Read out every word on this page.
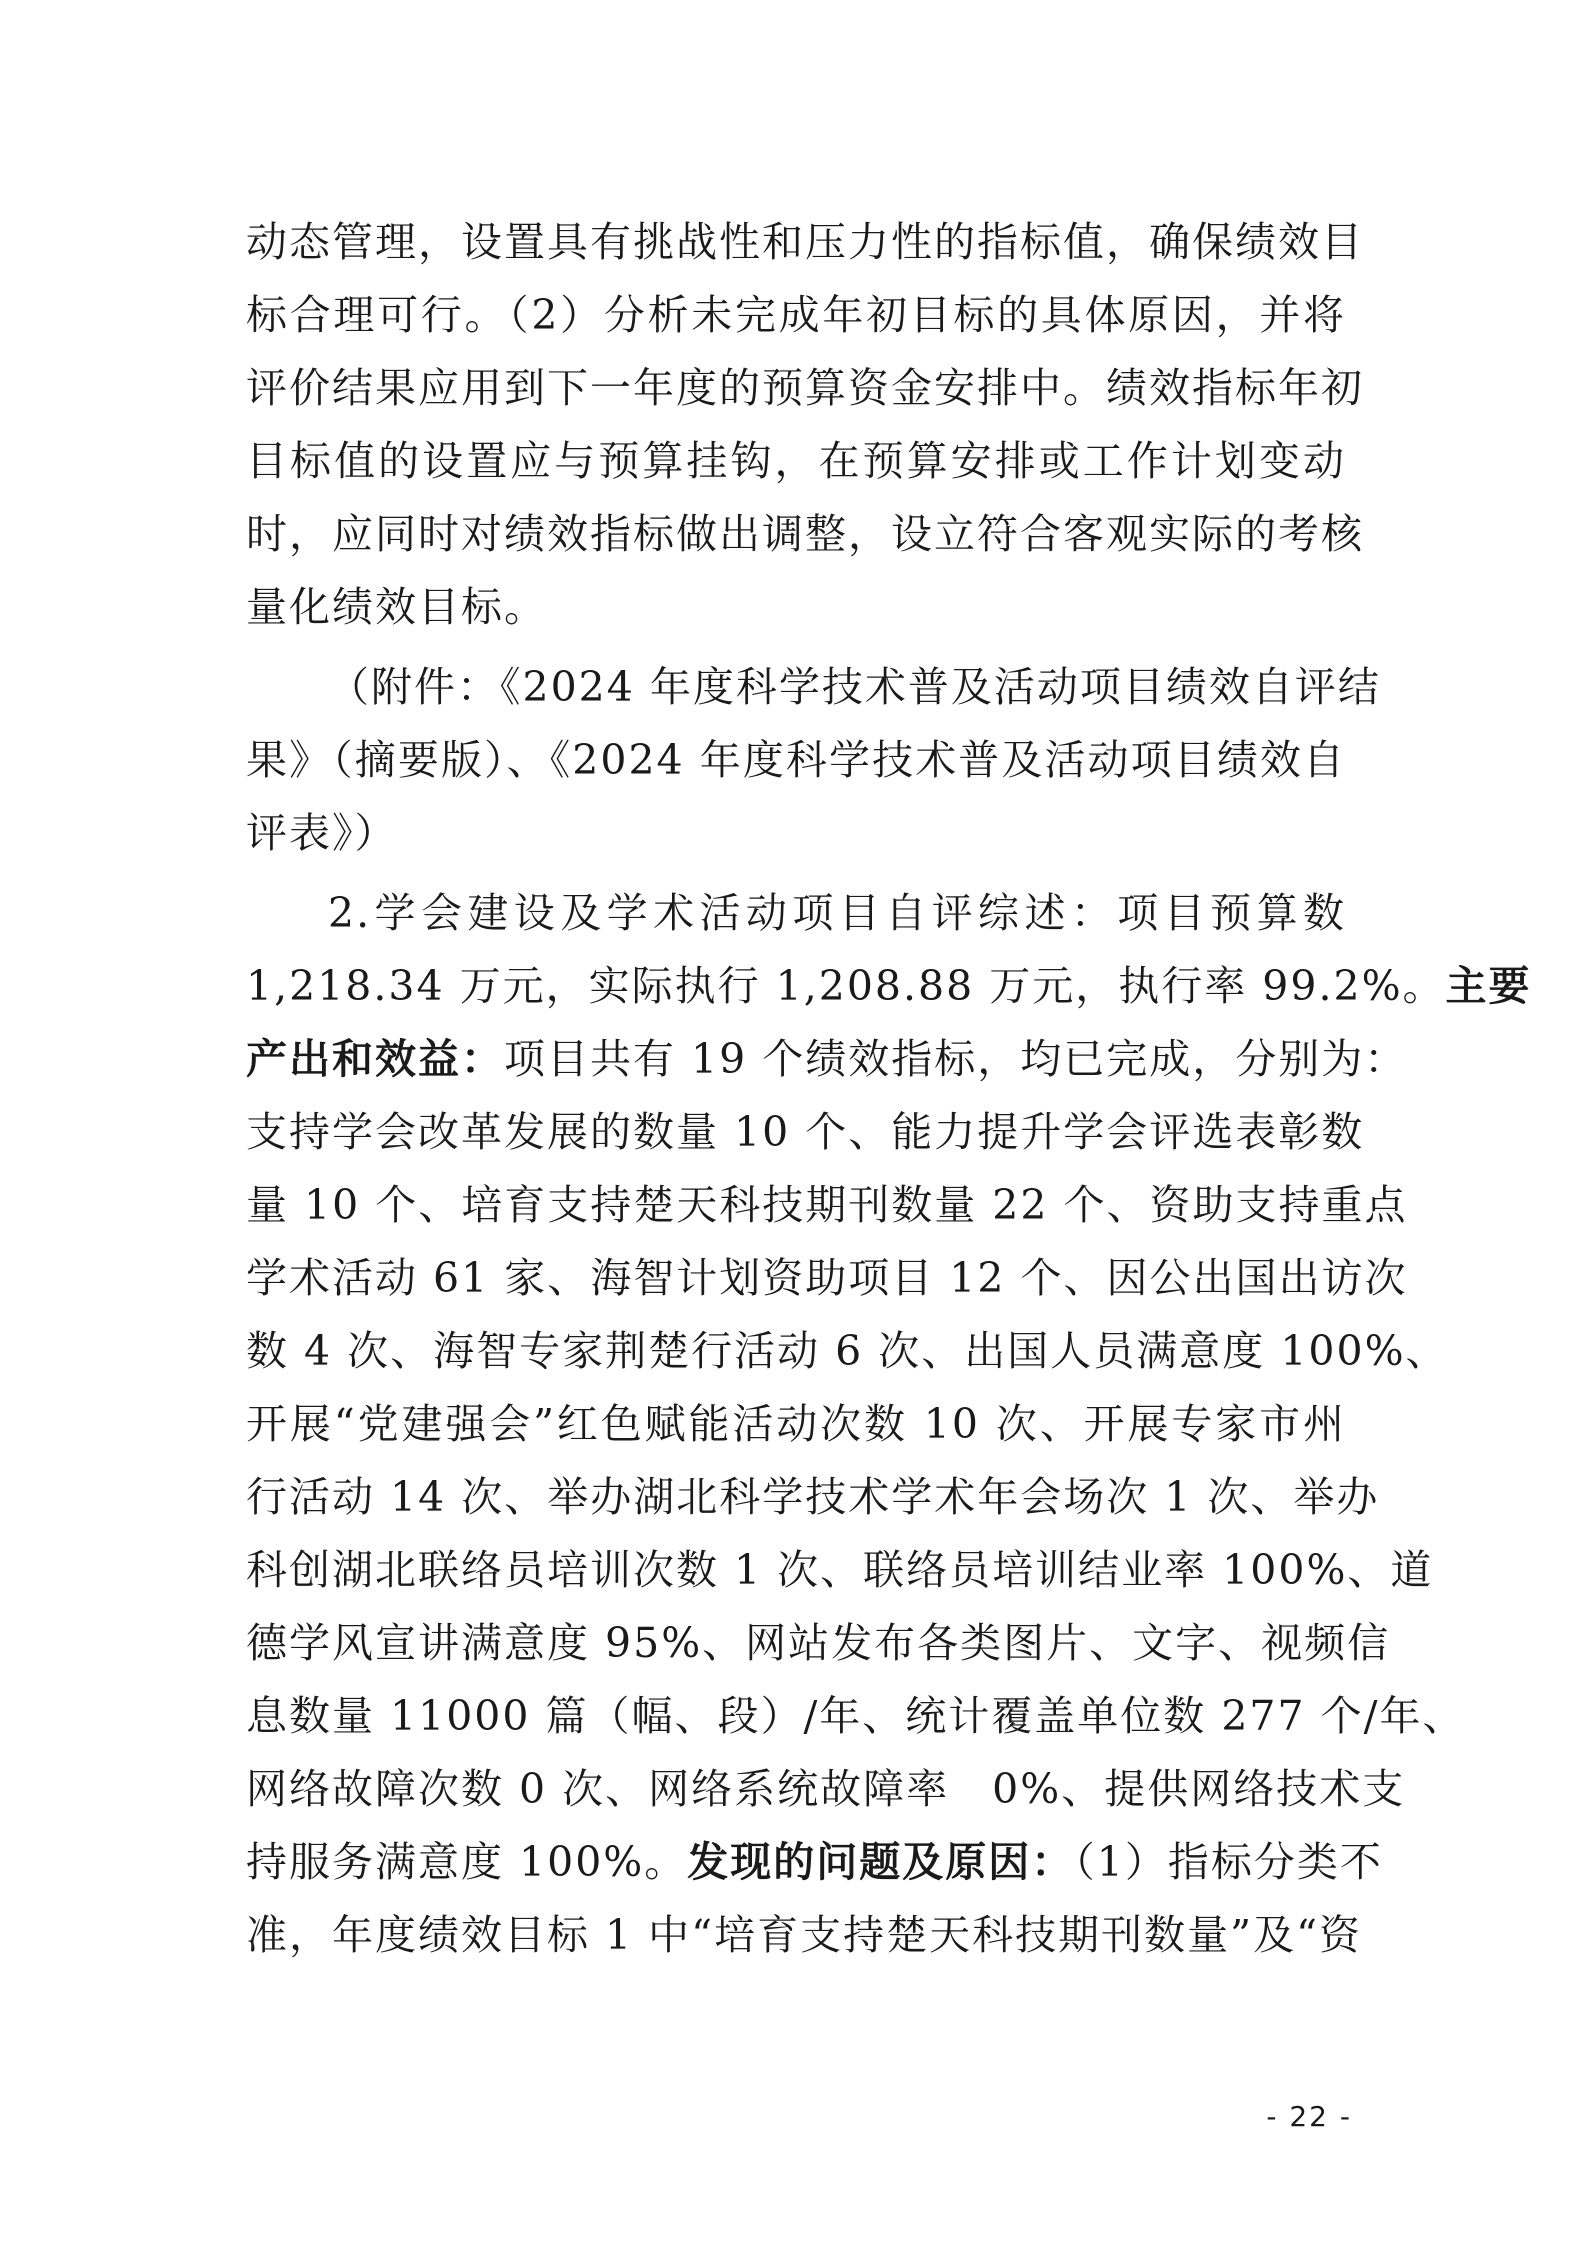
动态管理，设置具有挑战性和压力性的指标值，确保绩效目
标合理可行。（2）分析未完成年初目标的具体原因，并将
评价结果应用到下一年度的预算资金安排中。绩效指标年初
目标值的设置应与预算挂钩，在预算安排或工作计划变动
时，应同时对绩效指标做出调整，设立符合客观实际的考核
量化绩效目标。
（附件：《2024 年度科学技术普及活动项目绩效自评结
果》（摘要版）、《2024 年度科学技术普及活动项目绩效自
评表》）
2.学会建设及学术活动项目自评综述：项目预算数
1,218.34 万元，实际执行 1,208.88 万元，执行率 99.2%。主要
产出和效益：项目共有 19 个绩效指标，均已完成，分别为：
支持学会改革发展的数量 10 个、能力提升学会评选表彰数
量 10 个、培育支持楚天科技期刊数量 22 个、资助支持重点
学术活动 61 家、海智计划资助项目 12 个、因公出国出访次
数 4 次、海智专家荆楚行活动 6 次、出国人员满意度 100%、
开展“党建强会”红色赋能活动次数 10 次、开展专家市州
行活动 14 次、举办湖北科学技术学术年会场次 1 次、举办
科创湖北联络员培训次数 1 次、联络员培训结业率 100%、道
德学风宣讲满意度 95%、网站发布各类图片、文字、视频信
息数量 11000 篇（幅、段）/年、统计覆盖单位数 277 个/年、
网络故障次数 0 次、网络系统故障率　0%、提供网络技术支
持服务满意度 100%。发现的问题及原因：（1）指标分类不
准，年度绩效目标 1 中“培育支持楚天科技期刊数量”及“资
- 22 -
